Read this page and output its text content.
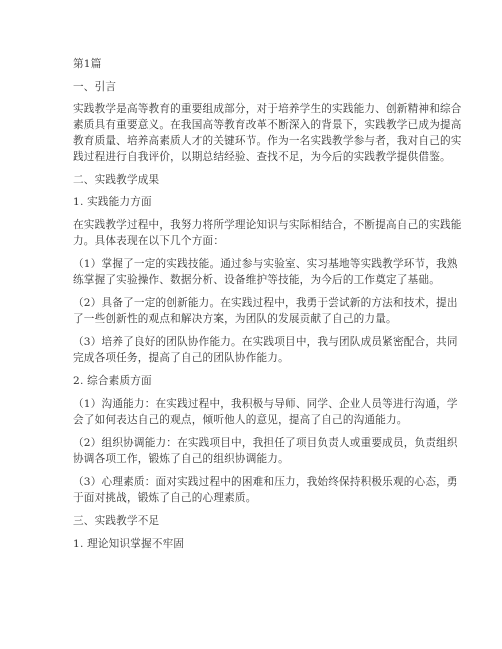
第1篇
一、引言
实践教学是高等教育的重要组成部分，对于培养学生的实践能力、创新精神和综合
素质具有重要意义。在我国高等教育改革不断深入的背景下，实践教学已成为提高
教育质量、培养高素质人才的关键环节。作为一名实践教学参与者，我对自己的实
践过程进行自我评价，以期总结经验、查找不足，为今后的实践教学提供借鉴。
二、实践教学成果
1. 实践能力方面
在实践教学过程中，我努力将所学理论知识与实际相结合，不断提高自己的实践能
力。具体表现在以下几个方面：
（1）掌握了一定的实践技能。通过参与实验室、实习基地等实践教学环节，我熟
练掌握了实验操作、数据分析、设备维护等技能，为今后的工作奠定了基础。
（2）具备了一定的创新能力。在实践过程中，我勇于尝试新的方法和技术，提出
了一些创新性的观点和解决方案，为团队的发展贡献了自己的力量。
（3）培养了良好的团队协作能力。在实践项目中，我与团队成员紧密配合，共同
完成各项任务，提高了自己的团队协作能力。
2. 综合素质方面
（1）沟通能力：在实践过程中，我积极与导师、同学、企业人员等进行沟通，学
会了如何表达自己的观点，倾听他人的意见，提高了自己的沟通能力。
（2）组织协调能力：在实践项目中，我担任了项目负责人或重要成员，负责组织
协调各项工作，锻炼了自己的组织协调能力。
（3）心理素质：面对实践过程中的困难和压力，我始终保持积极乐观的心态，勇
于面对挑战，锻炼了自己的心理素质。
三、实践教学不足
1. 理论知识掌握不牢固
